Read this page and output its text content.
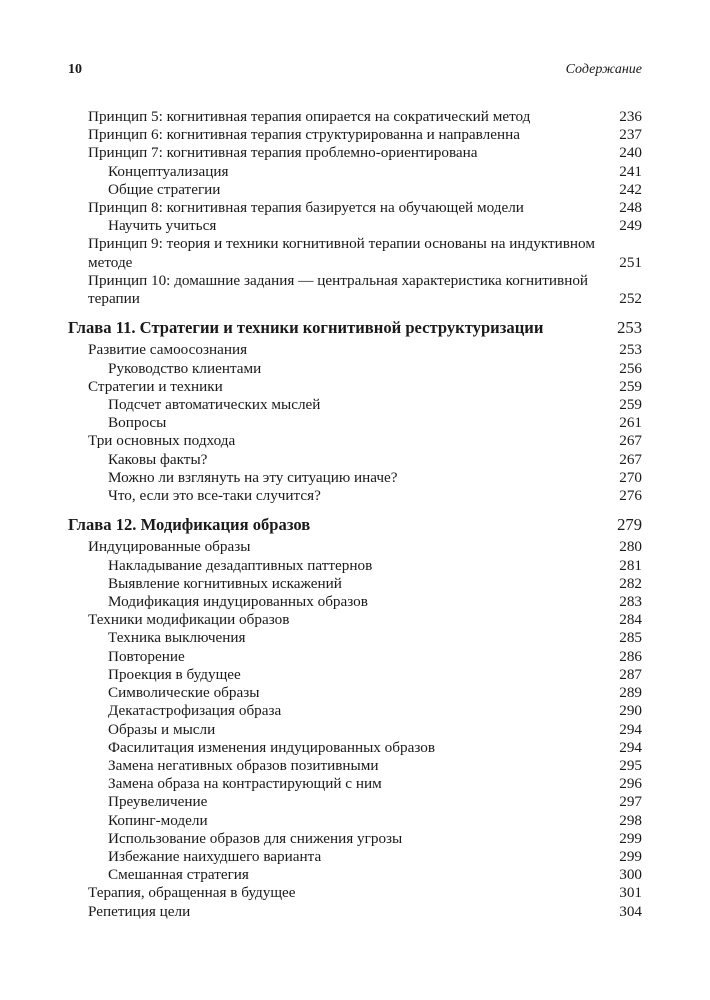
10	Содержание
Принцип 5: когнитивная терапия опирается на сократический метод	236
Принцип 6: когнитивная терапия структурированна и направленна	237
Принцип 7: когнитивная терапия проблемно-ориентирована	240
Концептуализация	241
Общие стратегии	242
Принцип 8: когнитивная терапия базируется на обучающей модели	248
Научить учиться	249
Принцип 9: теория и техники когнитивной терапии основаны на индуктивном методе	251
Принцип 10: домашние задания — центральная характеристика когнитивной терапии	252
Глава 11. Стратегии и техники когнитивной реструктуризации	253
Развитие самоосознания	253
Руководство клиентами	256
Стратегии и техники	259
Подсчет автоматических мыслей	259
Вопросы	261
Три основных подхода	267
Каковы факты?	267
Можно ли взглянуть на эту ситуацию иначе?	270
Что, если это все-таки случится?	276
Глава 12. Модификация образов	279
Индуцированные образы	280
Накладывание дезадаптивных паттернов	281
Выявление когнитивных искажений	282
Модификация индуцированных образов	283
Техники модификации образов	284
Техника выключения	285
Повторение	286
Проекция в будущее	287
Символические образы	289
Декатастрофизация образа	290
Образы и мысли	294
Фасилитация изменения индуцированных образов	294
Замена негативных образов позитивными	295
Замена образа на контрастирующий с ним	296
Преувеличение	297
Копинг-модели	298
Использование образов для снижения угрозы	299
Избежание наихудшего варианта	299
Смешанная стратегия	300
Терапия, обращенная в будущее	301
Репетиция цели	304
